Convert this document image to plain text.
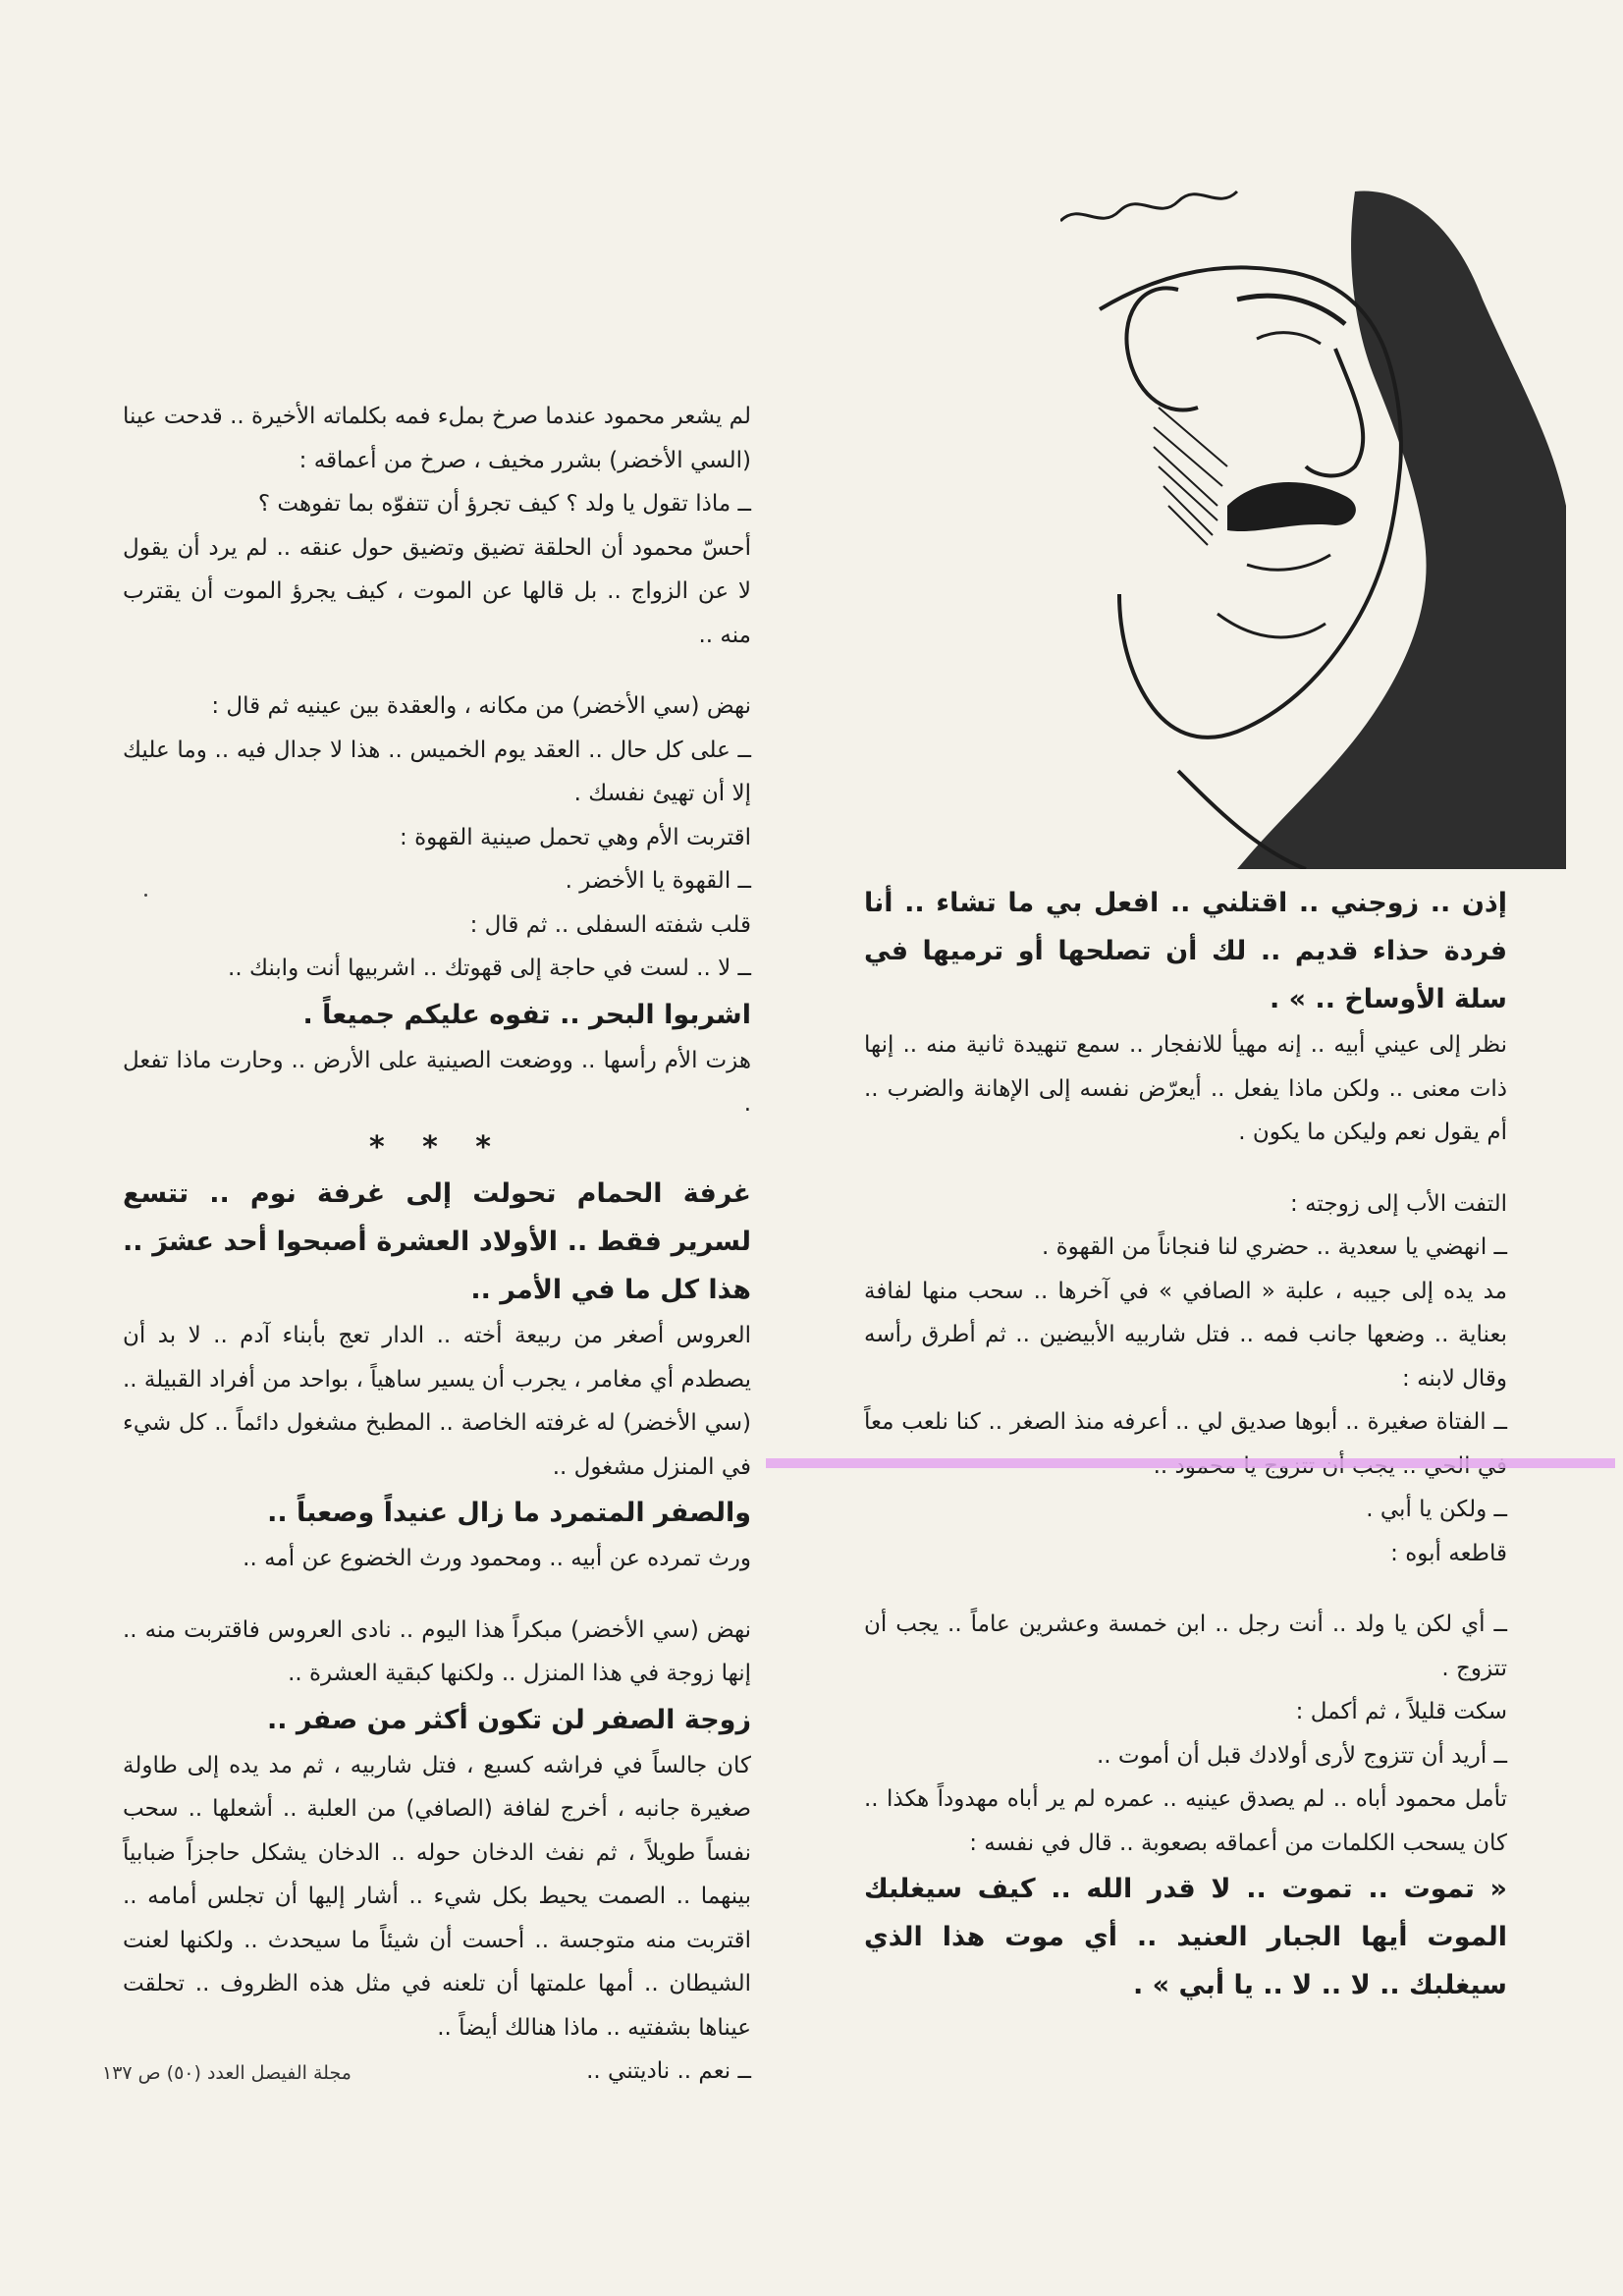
لم يشعر محمود عندما صرخ بملء فمه بكلماته الأخيرة .. قدحت عينا (السي الأخضر) بشرر مخيف ، صرخ من أعماقه :

ــ ماذا تقول يا ولد ؟ كيف تجرؤ أن تتفوّه بما تفوهت ؟

أحسّ محمود أن الحلقة تضيق وتضيق حول عنقه .. لم يرد أن يقول لا عن الزواج .. بل قالها عن الموت ، كيف يجرؤ الموت أن يقترب منه ..

نهض (سي الأخضر) من مكانه ، والعقدة بين عينيه ثم قال :

ــ على كل حال .. العقد يوم الخميس .. هذا لا جدال فيه .. وما عليك إلا أن تهيئ نفسك .

اقتربت الأم وهي تحمل صينية القهوة :

ــ القهوة يا الأخضر .

قلب شفته السفلى .. ثم قال :

ــ لا .. لست في حاجة إلى قهوتك .. اشربيها أنت وابنك ..

اشربوا البحر .. تفوه عليكم جميعاً .

هزت الأم رأسها .. ووضعت الصينية على الأرض .. وحارت ماذا تفعل .

* * *

غرفة الحمام تحولت إلى غرفة نوم .. تتسع لسرير فقط .. الأولاد العشرة أصبحوا أحد عشرَ .. هذا كل ما في الأمر ..

العروس أصغر من ربيعة أخته .. الدار تعج بأبناء آدم .. لا بد أن يصطدم أي مغامر ، يجرب أن يسير ساهياً ، بواحد من أفراد القبيلة .. (سي الأخضر) له غرفته الخاصة .. المطبخ مشغول دائماً .. كل شيء في المنزل مشغول ..

والصفر المتمرد ما زال عنيداً وصعباً ..

ورث تمرده عن أبيه .. ومحمود ورث الخضوع عن أمه ..

نهض (سي الأخضر) مبكراً هذا اليوم .. نادى العروس فاقتربت منه .. إنها زوجة في هذا المنزل .. ولكنها كبقية العشرة ..

زوجة الصفر لن تكون أكثر من صفر ..

كان جالساً في فراشه كسبع ، فتل شاربيه ، ثم مد يده إلى طاولة صغيرة جانبه ، أخرج لفافة (الصافي) من العلبة .. أشعلها .. سحب نفساً طويلاً ، ثم نفث الدخان حوله .. الدخان يشكل حاجزاً ضبابياً بينهما .. الصمت يحيط بكل شيء .. أشار إليها أن تجلس أمامه .. اقتربت منه متوجسة .. أحست أن شيئاً ما سيحدث .. ولكنها لعنت الشيطان .. أمها علمتها أن تلعنه في مثل هذه الظروف .. تحلقت عيناها بشفتيه .. ماذا هنالك أيضاً ..

ــ نعم .. ناديتني ..

إذن .. زوجني .. اقتلني .. افعل بي ما تشاء .. أنا فردة حذاء قديم .. لك أن تصلحها أو ترميها في سلة الأوساخ .. » .

نظر إلى عيني أبيه .. إنه مهيأ للانفجار .. سمع تنهيدة ثانية منه .. إنها ذات معنى .. ولكن ماذا يفعل .. أيعرّض نفسه إلى الإهانة والضرب .. أم يقول نعم وليكن ما يكون .

التفت الأب إلى زوجته :

ــ انهضي يا سعدية .. حضري لنا فنجاناً من القهوة .

مد يده إلى جيبه ، علبة « الصافي » في آخرها .. سحب منها لفافة بعناية .. وضعها جانب فمه .. فتل شاربيه الأبيضين .. ثم أطرق رأسه وقال لابنه :

ــ الفتاة صغيرة .. أبوها صديق لي .. أعرفه منذ الصغر .. كنا نلعب معاً

ــ ولكن يا أبي .

قاطعه أبوه :

ــ أي لكن يا ولد .. أنت رجل .. ابن خمسة وعشرين عاماً .. يجب أن تتزوج .

سكت قليلاً ، ثم أكمل :

ــ أريد أن تتزوج لأرى أولادك قبل أن أموت ..

تأمل محمود أباه .. لم يصدق عينيه .. عمره لم ير أباه مهدوداً هكذا .. كان يسحب الكلمات من أعماقه بصعوبة .. قال في نفسه :

« تموت .. تموت .. لا قدر الله .. كيف سيغلبك الموت أيها الجبار العنيد .. أي موت هذا الذي سيغلبك .. لا .. لا .. يا أبي » .

مجلة الفيصل العدد (٥٠) ص ١٣٧
